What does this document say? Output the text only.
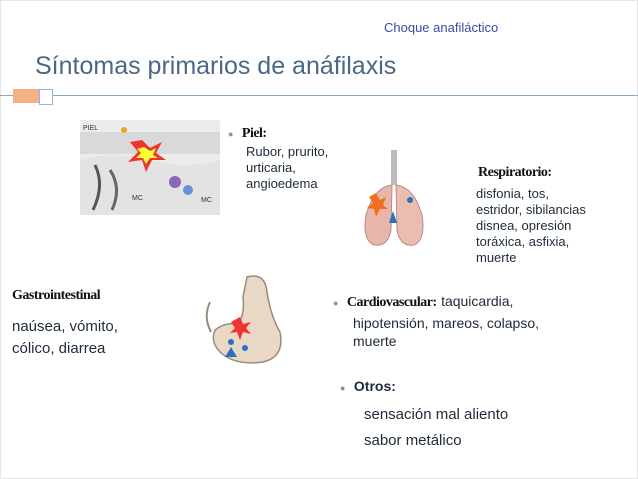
Choque anafiláctico
Síntomas primarios de anáfilaxis
PIEL
MC	MC
● Piel:
Rubor, prurito,
urticaria,
angioedema
Respiratorio:
disfonia, tos,
estridor, sibilancias
disnea, opresión
toráxica, asfixia,
muerte
Gastrointestinal
naúsea, vómito,
cólico, diarrea
● Cardiovascular: taquicardia,
hipotensión, mareos, colapso,
muerte
● Otros:
sensación mal aliento
sabor metálico
